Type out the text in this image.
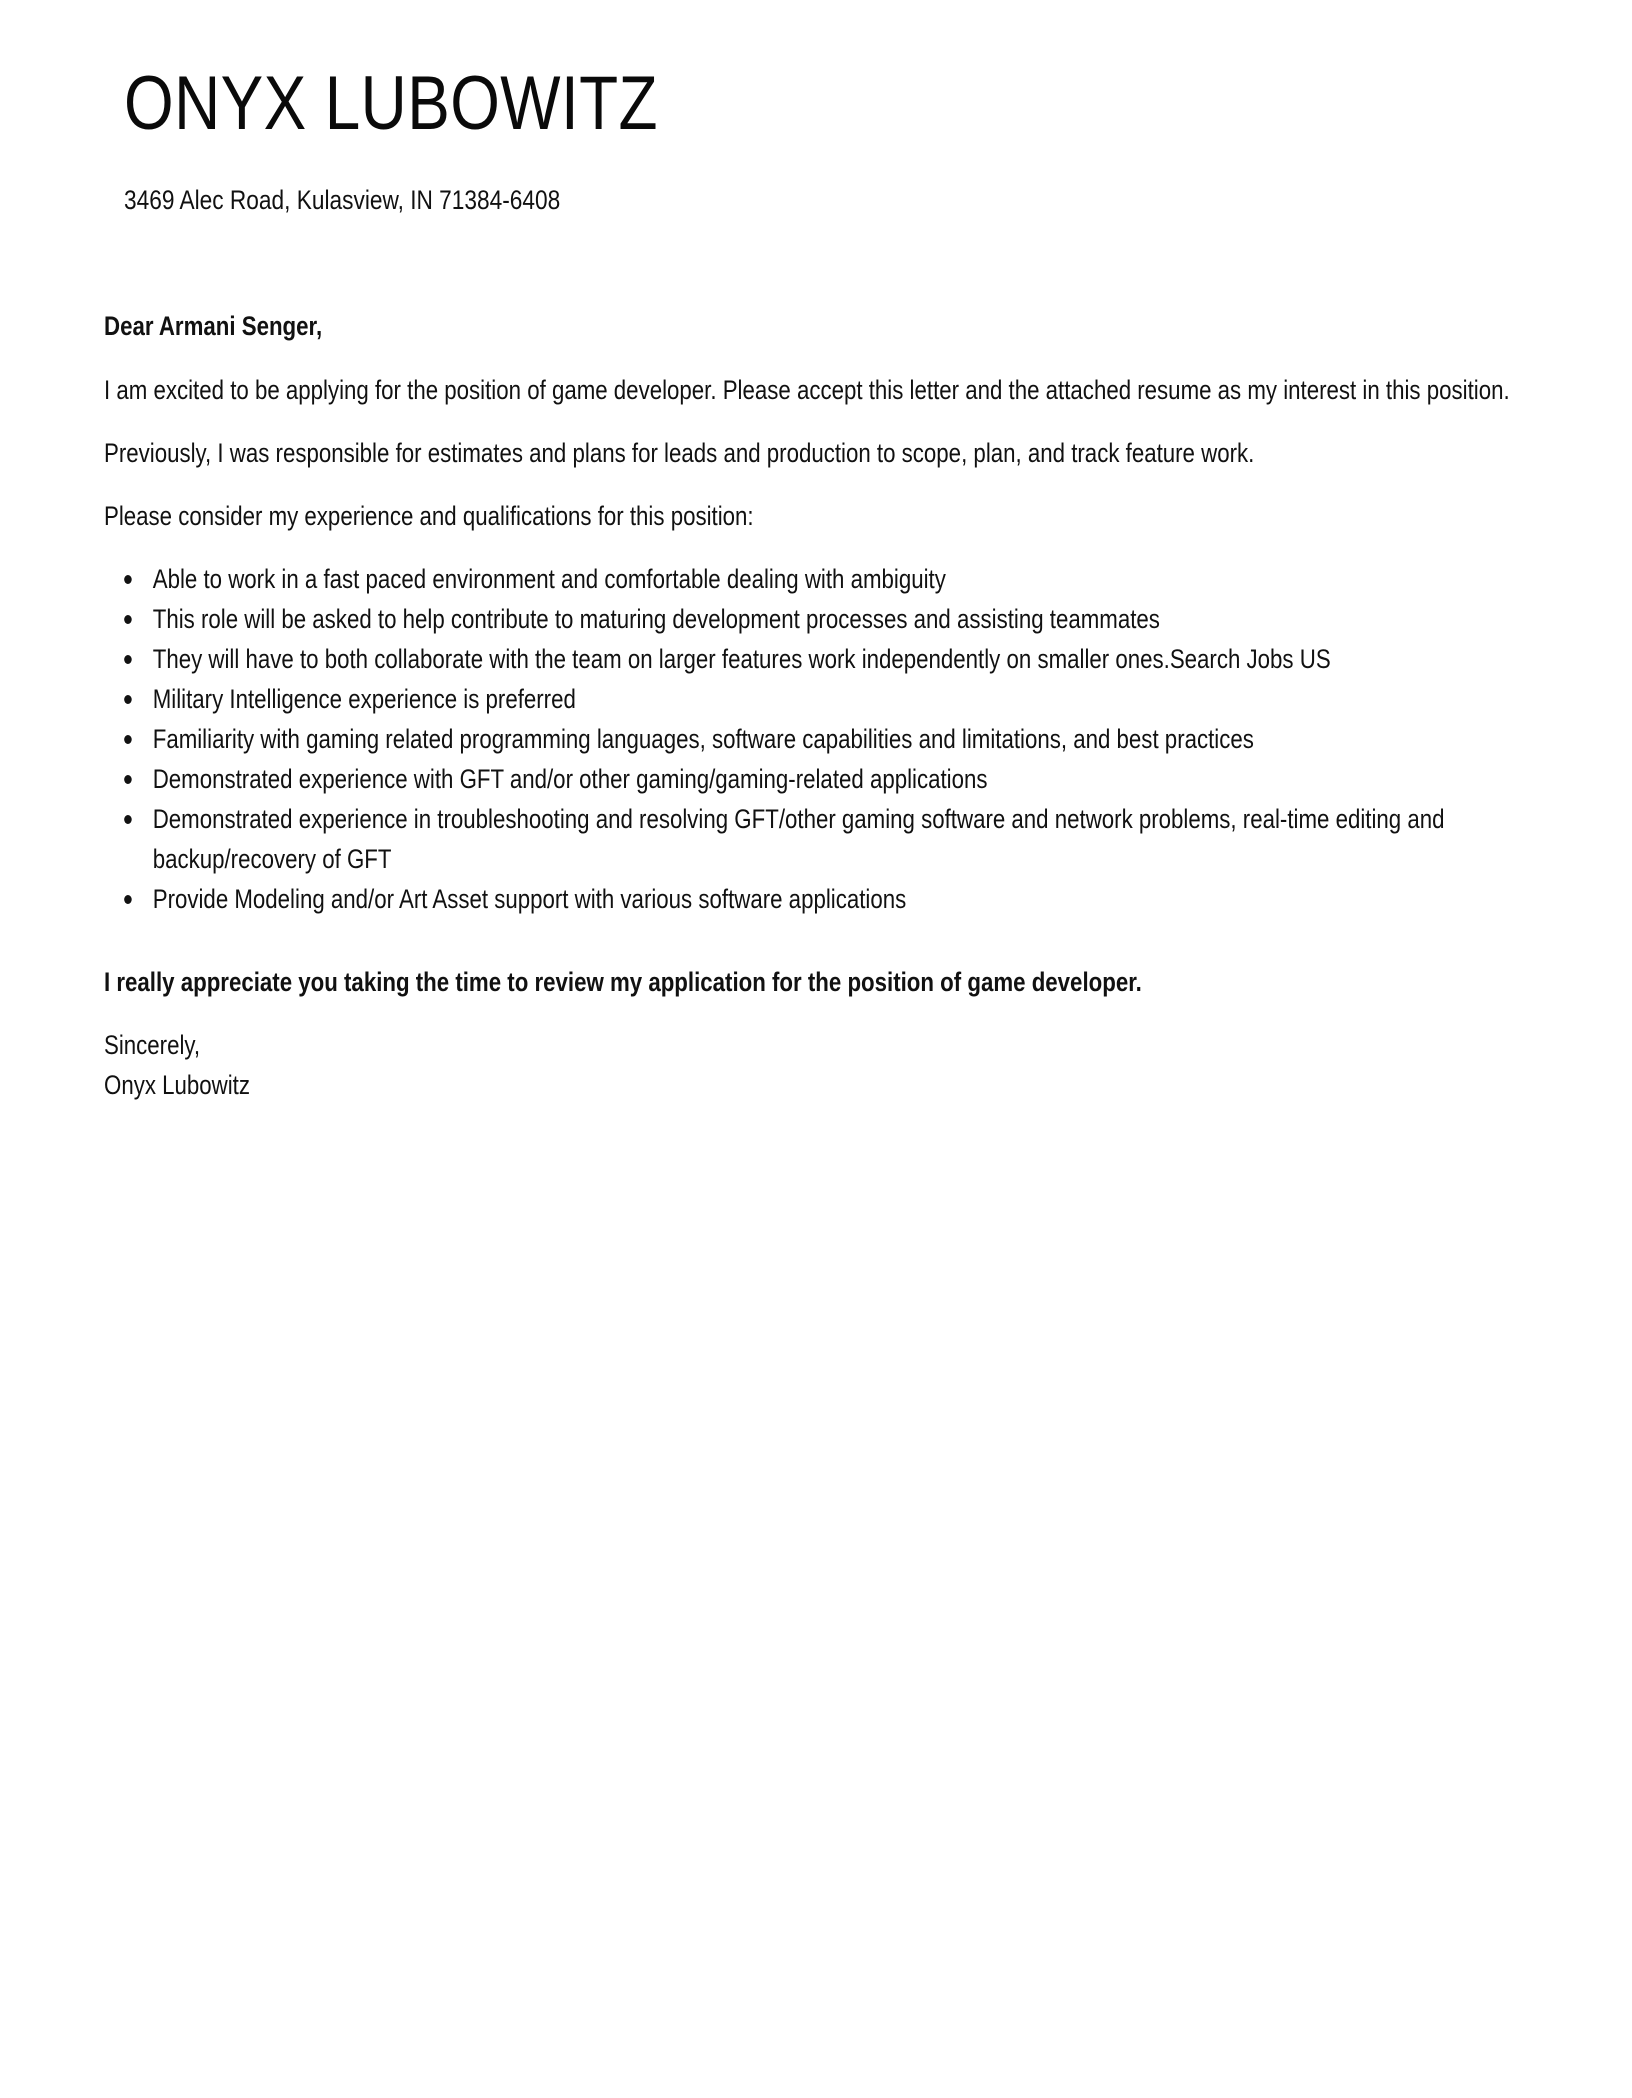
ONYX LUBOWITZ
3469 Alec Road, Kulasview, IN 71384-6408

Dear Armani Senger,

I am excited to be applying for the position of game developer. Please accept this letter and the attached resume as my interest in this position.

Previously, I was responsible for estimates and plans for leads and production to scope, plan, and track feature work.

Please consider my experience and qualifications for this position:

Able to work in a fast paced environment and comfortable dealing with ambiguity
This role will be asked to help contribute to maturing development processes and assisting teammates
They will have to both collaborate with the team on larger features work independently on smaller ones.Search Jobs US
Military Intelligence experience is preferred
Familiarity with gaming related programming languages, software capabilities and limitations, and best practices
Demonstrated experience with GFT and/or other gaming/gaming-related applications
Demonstrated experience in troubleshooting and resolving GFT/other gaming software and network problems, real-time editing and backup/recovery of GFT
Provide Modeling and/or Art Asset support with various software applications

I really appreciate you taking the time to review my application for the position of game developer.

Sincerely,

Onyx Lubowitz
